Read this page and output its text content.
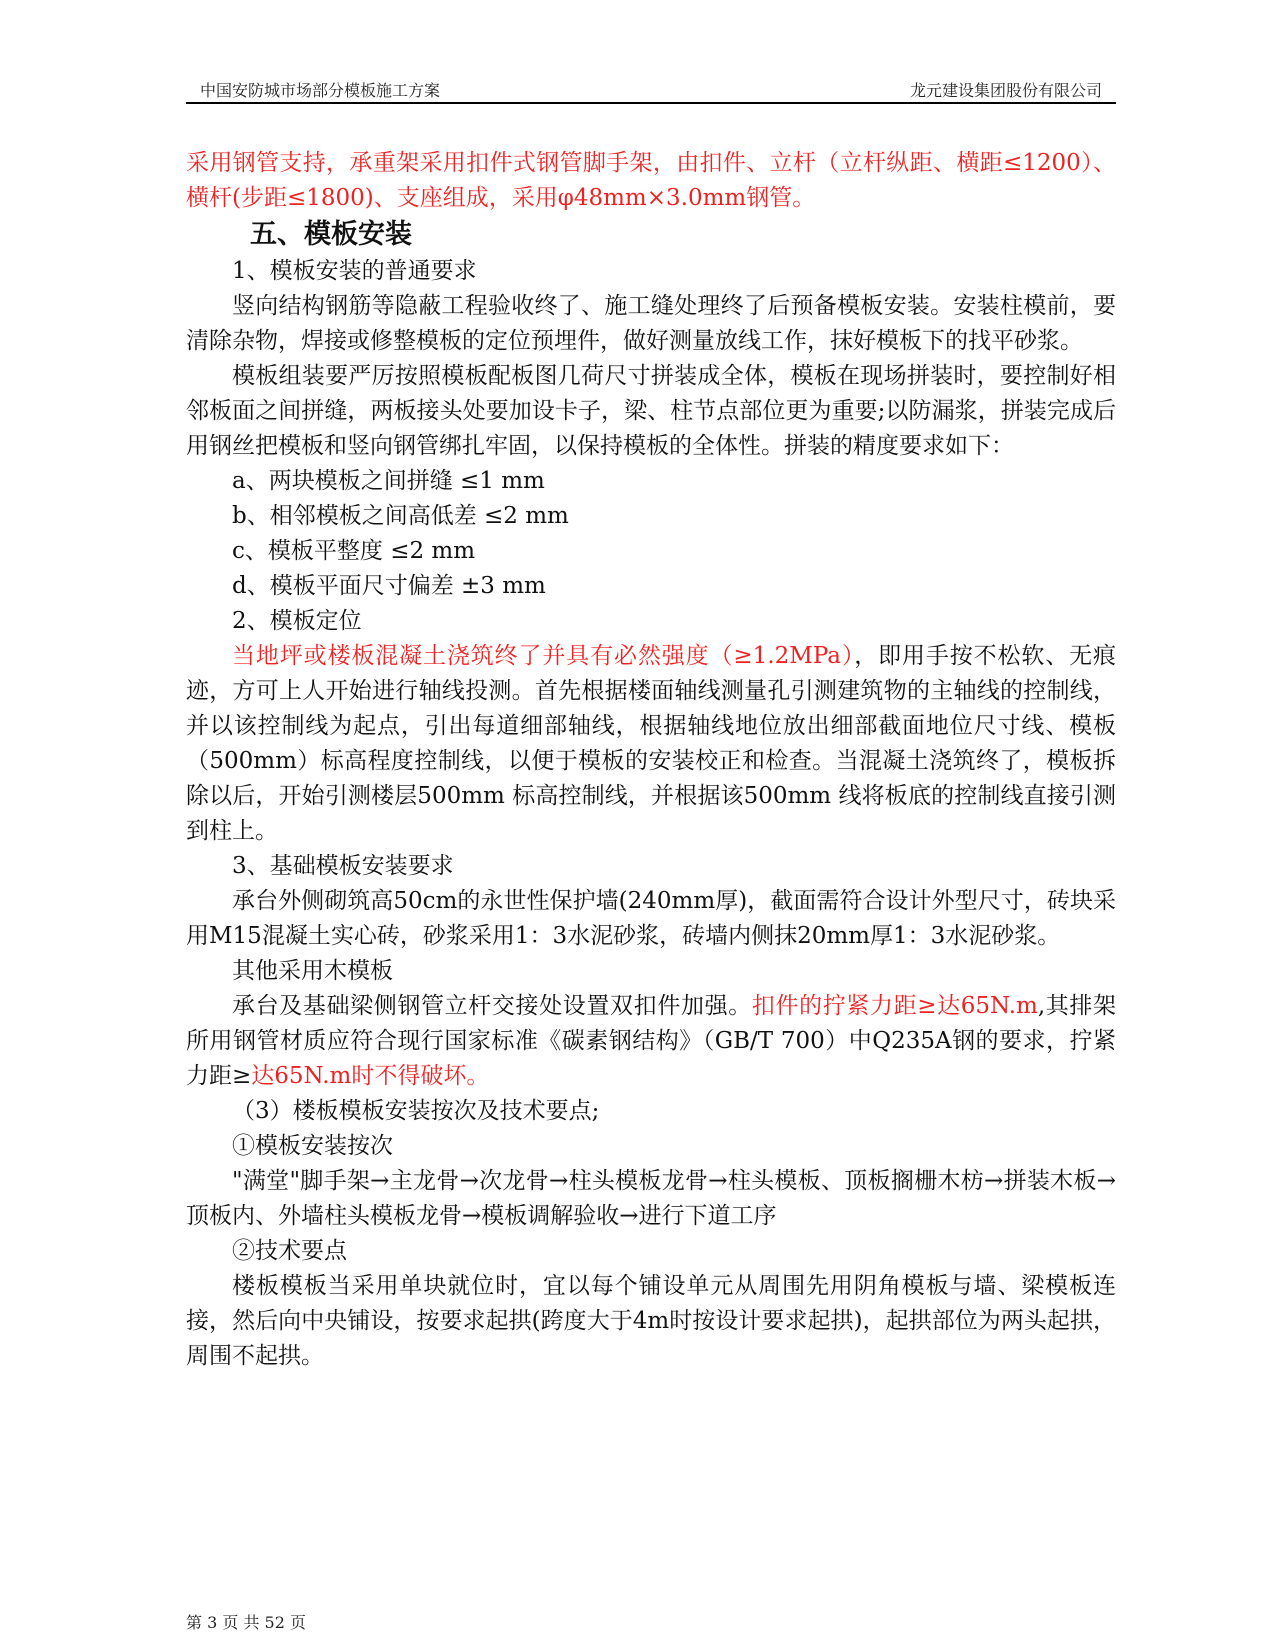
中国安防城市场部分模板施工方案	龙元建设集团股份有限公司

采用钢管支持，承重架采用扣件式钢管脚手架，由扣件、立杆（立杆纵距、横距≤1200）、横杆(步距≤1800)、支座组成，采用φ48mm×3.0mm钢管。

五、模板安装

1、模板安装的普通要求

竖向结构钢筋等隐蔽工程验收终了、施工缝处理终了后预备模板安装。安装柱模前，要清除杂物，焊接或修整模板的定位预埋件，做好测量放线工作，抹好模板下的找平砂浆。

模板组装要严厉按照模板配板图几荷尺寸拼装成全体，模板在现场拼装时，要控制好相邻板面之间拼缝，两板接头处要加设卡子，梁、柱节点部位更为重要;以防漏浆，拼装完成后用钢丝把模板和竖向钢管绑扎牢固，以保持模板的全体性。拼装的精度要求如下：

a、两块模板之间拼缝 ≤1 mm

b、相邻模板之间高低差 ≤2 mm

c、模板平整度 ≤2 mm

d、模板平面尺寸偏差 ±3 mm

2、模板定位

当地坪或楼板混凝土浇筑终了并具有必然强度（≥1.2MPa），即用手按不松软、无痕迹，方可上人开始进行轴线投测。首先根据楼面轴线测量孔引测建筑物的主轴线的控制线，并以该控制线为起点，引出每道细部轴线，根据轴线地位放出细部截面地位尺寸线、模板（500mm）标高程度控制线，以便于模板的安装校正和检查。当混凝土浇筑终了，模板拆除以后，开始引测楼层500mm 标高控制线，并根据该500mm 线将板底的控制线直接引测到柱上。

3、基础模板安装要求

承台外侧砌筑高50cm的永世性保护墙(240mm厚)，截面需符合设计外型尺寸，砖块采用M15混凝土实心砖，砂浆采用1：3水泥砂浆，砖墙内侧抹20mm厚1：3水泥砂浆。

其他采用木模板

承台及基础梁侧钢管立杆交接处设置双扣件加强。扣件的拧紧力距≥达65N.m,其排架所用钢管材质应符合现行国家标准《碳素钢结构》（GB/T 700）中Q235A钢的要求，拧紧力距≥达65N.m时不得破坏。

（3）楼板模板安装按次及技术要点;

①模板安装按次

"满堂"脚手架→主龙骨→次龙骨→柱头模板龙骨→柱头模板、顶板搁栅木枋→拼装木板→顶板内、外墙柱头模板龙骨→模板调解验收→进行下道工序

②技术要点

楼板模板当采用单块就位时，宜以每个铺设单元从周围先用阴角模板与墙、梁模板连接，然后向中央铺设，按要求起拱(跨度大于4m时按设计要求起拱)，起拱部位为两头起拱，周围不起拱。

第 3 页 共 52 页
